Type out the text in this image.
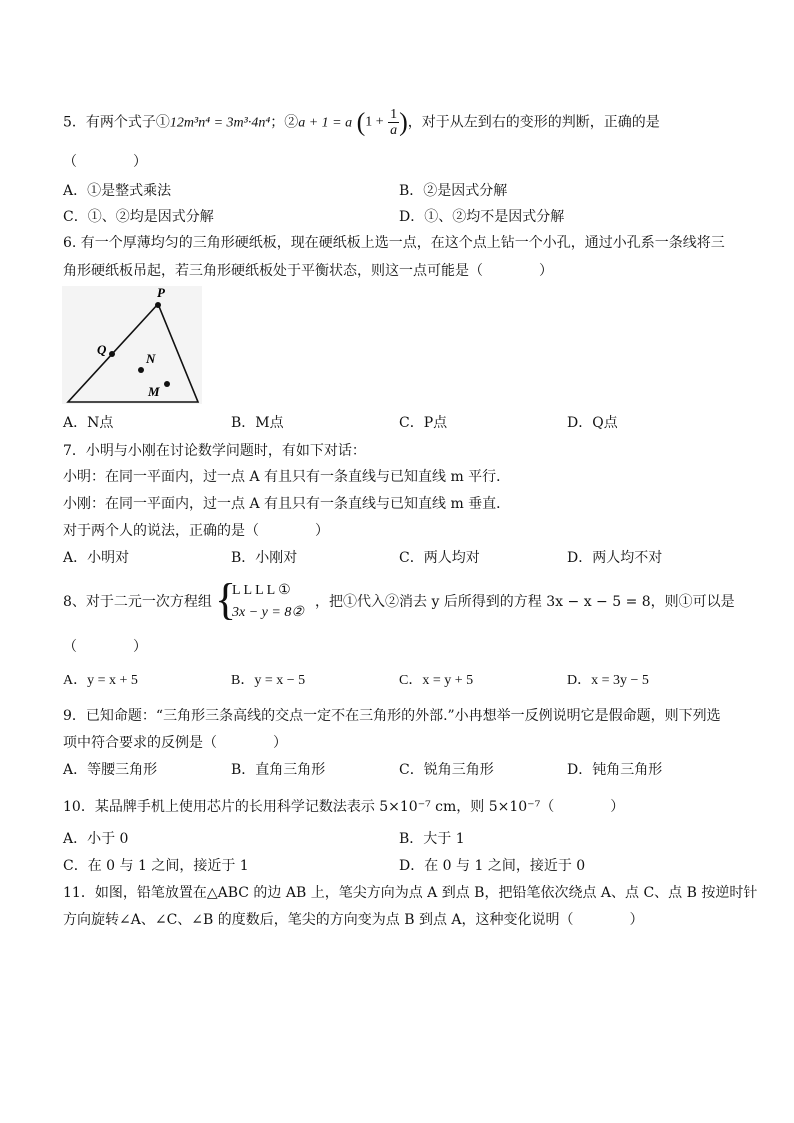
5．有两个式子①12m³n⁴ = 3m³·4n⁴；②a + 1 = a ($1 + \frac{1}{a}$ )，对于从左到右的变形的判断，正确的是
（　　　　）
A．①是整式乘法	B．②是因式分解
C．①、②均是因式分解	D．①、②均不是因式分解
6. 有一个厚薄均匀的三角形硬纸板，现在硬纸板上选一点，在这个点上钻一个小孔，通过小孔系一条线将三
角形硬纸板吊起，若三角形硬纸板处于平衡状态，则这一点可能是（　　　　）
P
Q
N
M
A．N点	B．M点	C．P点	D．Q点
7．小明与小刚在讨论数学问题时，有如下对话：
小明：在同一平面内，过一点 A 有且只有一条直线与已知直线 m 平行．
小刚：在同一平面内，过一点 A 有且只有一条直线与已知直线 m 垂直．
对于两个人的说法，正确的是（　　　　）
A．小明对	B．小刚对	C．两人均对	D．两人均不对
8、对于二元一次方程组 {
L L L L ①
3x − y = 8②
，把①代入②消去 y 后所得到的方程 3x − x − 5 = 8，则①可以是
（　　　　）
A．y = x + 5	B．y = x − 5	C．x = y + 5	D．x = 3y − 5
9．已知命题：“三角形三条高线的交点一定不在三角形的外部.”小冉想举一反例说明它是假命题，则下列选
项中符合要求的反例是（　　　　）
A．等腰三角形	B．直角三角形	C．锐角三角形	D．钝角三角形
10．某品牌手机上使用芯片的长用科学记数法表示 5×10⁻⁷ cm，则 5×10⁻⁷（　　　　）
A．小于 0	B．大于 1
C．在 0 与 1 之间，接近于 1	D．在 0 与 1 之间，接近于 0
11．如图，铅笔放置在△ABC 的边 AB 上，笔尖方向为点 A 到点 B，把铅笔依次绕点 A、点 C、点 B 按逆时针
方向旋转∠A、∠C、∠B 的度数后，笔尖的方向变为点 B 到点 A，这种变化说明（　　　　）
